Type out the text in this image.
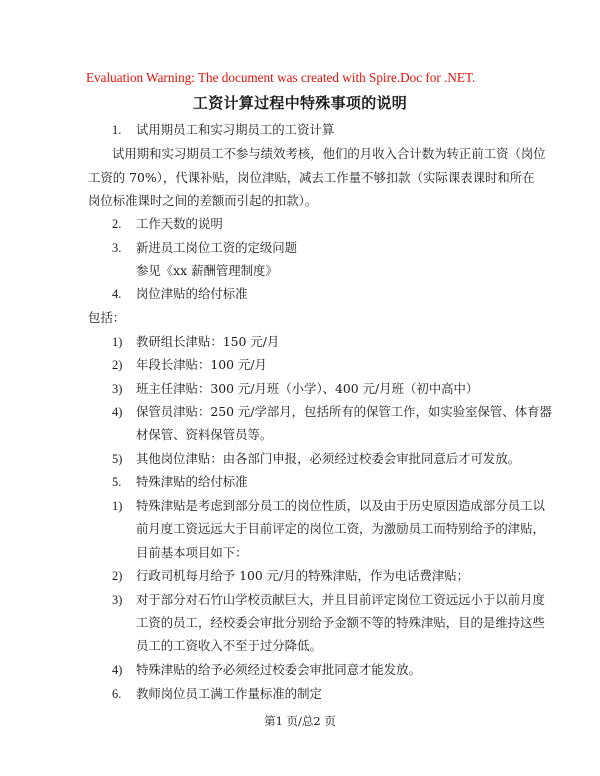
Evaluation Warning: The document was created with Spire.Doc for .NET.
工资计算过程中特殊事项的说明
1. 试用期员工和实习期员工的工资计算
试用期和实习期员工不参与绩效考核，他们的月收入合计数为转正前工资（岗位
工资的 70%），代课补贴，岗位津贴，减去工作量不够扣款（实际课表课时和所在
岗位标准课时之间的差额而引起的扣款）。
2. 工作天数的说明
3. 新进员工岗位工资的定级问题
参见《xx 薪酬管理制度》
4. 岗位津贴的给付标准
包括：
1) 教研组长津贴：150 元/月
2) 年段长津贴：100 元/月
3) 班主任津贴：300 元/月班（小学）、400 元/月班（初中高中）
4) 保管员津贴：250 元/学部月，包括所有的保管工作，如实验室保管、体育器
材保管、资料保管员等。
5) 其他岗位津贴：由各部门申报，必须经过校委会审批同意后才可发放。
5. 特殊津贴的给付标准
1) 特殊津贴是考虑到部分员工的岗位性质，以及由于历史原因造成部分员工以
前月度工资远远大于目前评定的岗位工资，为激励员工而特别给予的津贴，
目前基本项目如下：
2) 行政司机每月给予 100 元/月的特殊津贴，作为电话费津贴；
3) 对于部分对石竹山学校贡献巨大，并且目前评定岗位工资远远小于以前月度
工资的员工，经校委会审批分别给予金额不等的特殊津贴，目的是维持这些
员工的工资收入不至于过分降低。
4) 特殊津贴的给予必须经过校委会审批同意才能发放。
6. 教师岗位员工满工作量标准的制定
第1 页/总2 页
